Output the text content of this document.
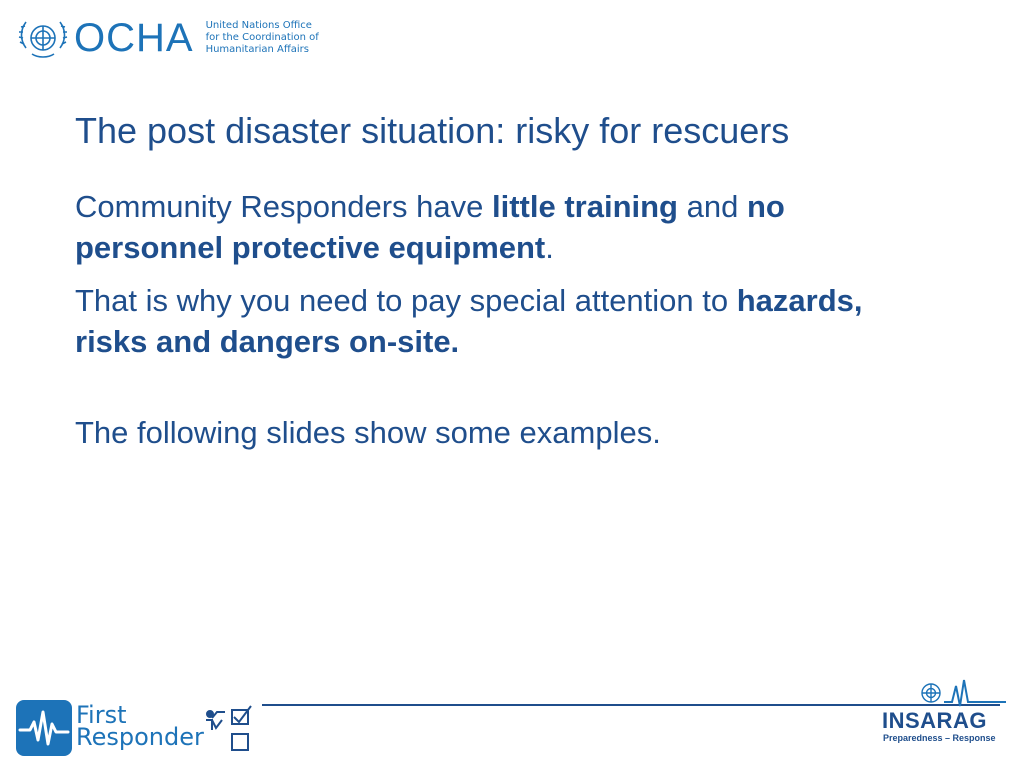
OCHA United Nations Office
for the Coordination of
Humanitarian Affairs
The post disaster situation: risky for rescuers

Community Responders have little training and no personnel protective equipment.

That is why you need to pay special attention to hazards, risks and dangers on-site.

The following slides show some examples.

First
Responder
INSARAG
Preparedness – Response
